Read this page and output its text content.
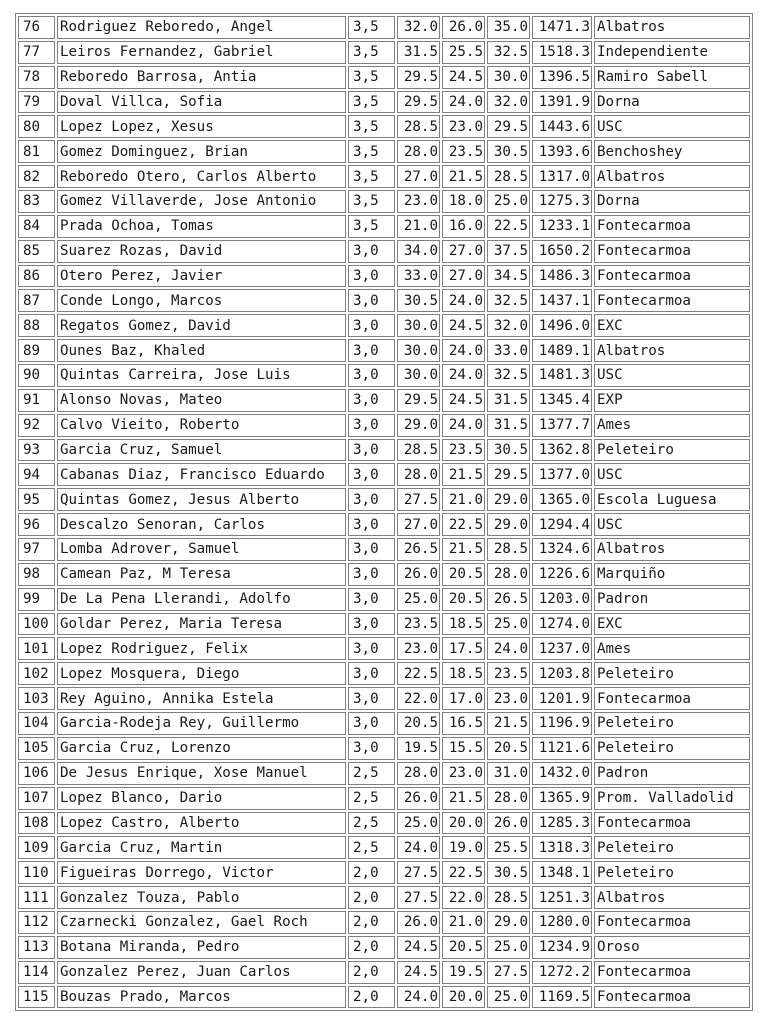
76	Rodriguez Reboredo, Angel	3,5	32.0	26.0	35.0	1471.3	Albatros
77	Leiros Fernandez, Gabriel	3,5	31.5	25.5	32.5	1518.3	Independiente
78	Reboredo Barrosa, Antia	3,5	29.5	24.5	30.0	1396.5	Ramiro Sabell
79	Doval Villca, Sofia	3,5	29.5	24.0	32.0	1391.9	Dorna
80	Lopez Lopez, Xesus	3,5	28.5	23.0	29.5	1443.6	USC
81	Gomez Dominguez, Brian	3,5	28.0	23.5	30.5	1393.6	Benchoshey
82	Reboredo Otero, Carlos Alberto	3,5	27.0	21.5	28.5	1317.0	Albatros
83	Gomez Villaverde, Jose Antonio	3,5	23.0	18.0	25.0	1275.3	Dorna
84	Prada Ochoa, Tomas	3,5	21.0	16.0	22.5	1233.1	Fontecarmoa
85	Suarez Rozas, David	3,0	34.0	27.0	37.5	1650.2	Fontecarmoa
86	Otero Perez, Javier	3,0	33.0	27.0	34.5	1486.3	Fontecarmoa
87	Conde Longo, Marcos	3,0	30.5	24.0	32.5	1437.1	Fontecarmoa
88	Regatos Gomez, David	3,0	30.0	24.5	32.0	1496.0	EXC
89	Ounes Baz, Khaled	3,0	30.0	24.0	33.0	1489.1	Albatros
90	Quintas Carreira, Jose Luis	3,0	30.0	24.0	32.5	1481.3	USC
91	Alonso Novas, Mateo	3,0	29.5	24.5	31.5	1345.4	EXP
92	Calvo Vieito, Roberto	3,0	29.0	24.0	31.5	1377.7	Ames
93	Garcia Cruz, Samuel	3,0	28.5	23.5	30.5	1362.8	Peleteiro
94	Cabanas Diaz, Francisco Eduardo	3,0	28.0	21.5	29.5	1377.0	USC
95	Quintas Gomez, Jesus Alberto	3,0	27.5	21.0	29.0	1365.0	Escola Luguesa
96	Descalzo Senoran, Carlos	3,0	27.0	22.5	29.0	1294.4	USC
97	Lomba Adrover, Samuel	3,0	26.5	21.5	28.5	1324.6	Albatros
98	Camean Paz, M Teresa	3,0	26.0	20.5	28.0	1226.6	Marquiño
99	De La Pena Llerandi, Adolfo	3,0	25.0	20.5	26.5	1203.0	Padron
100	Goldar Perez, Maria Teresa	3,0	23.5	18.5	25.0	1274.0	EXC
101	Lopez Rodriguez, Felix	3,0	23.0	17.5	24.0	1237.0	Ames
102	Lopez Mosquera, Diego	3,0	22.5	18.5	23.5	1203.8	Peleteiro
103	Rey Aguino, Annika Estela	3,0	22.0	17.0	23.0	1201.9	Fontecarmoa
104	Garcia-Rodeja Rey, Guillermo	3,0	20.5	16.5	21.5	1196.9	Peleteiro
105	Garcia Cruz, Lorenzo	3,0	19.5	15.5	20.5	1121.6	Peleteiro
106	De Jesus Enrique, Xose Manuel	2,5	28.0	23.0	31.0	1432.0	Padron
107	Lopez Blanco, Dario	2,5	26.0	21.5	28.0	1365.9	Prom. Valladolid
108	Lopez Castro, Alberto	2,5	25.0	20.0	26.0	1285.3	Fontecarmoa
109	Garcia Cruz, Martin	2,5	24.0	19.0	25.5	1318.3	Peleteiro
110	Figueiras Dorrego, Victor	2,0	27.5	22.5	30.5	1348.1	Peleteiro
111	Gonzalez Touza, Pablo	2,0	27.5	22.0	28.5	1251.3	Albatros
112	Czarnecki Gonzalez, Gael Roch	2,0	26.0	21.0	29.0	1280.0	Fontecarmoa
113	Botana Miranda, Pedro	2,0	24.5	20.5	25.0	1234.9	Oroso
114	Gonzalez Perez, Juan Carlos	2,0	24.5	19.5	27.5	1272.2	Fontecarmoa
115	Bouzas Prado, Marcos	2,0	24.0	20.0	25.0	1169.5	Fontecarmoa
